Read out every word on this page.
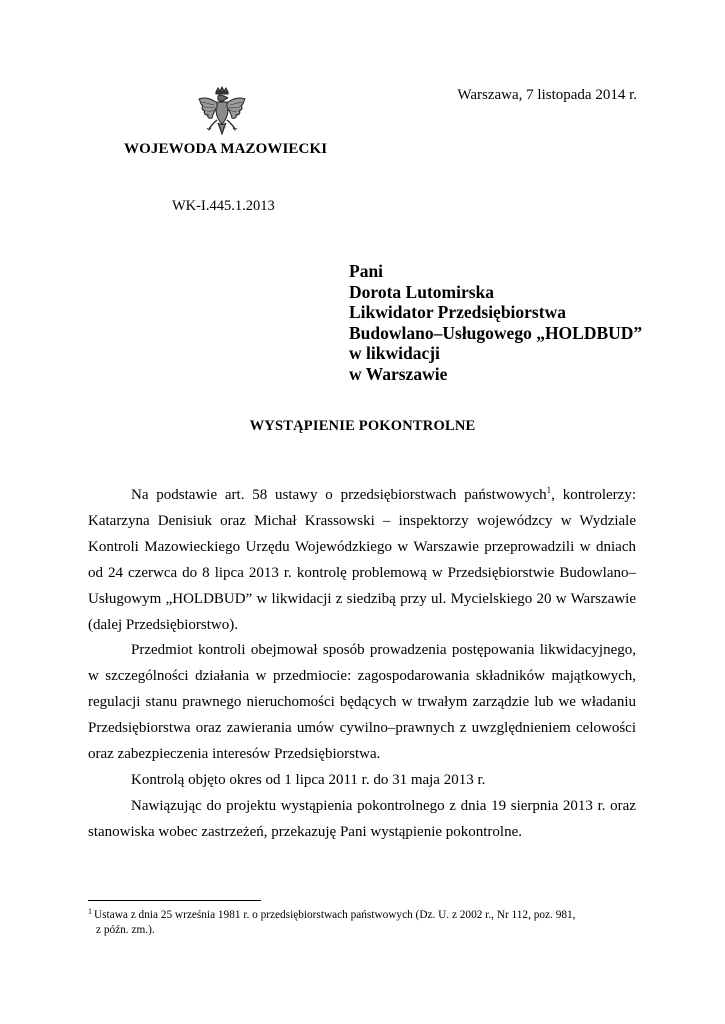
Warszawa, 7 listopada 2014 r.
WOJEWODA MAZOWIECKI
WK-I.445.1.2013
Pani
Dorota Lutomirska
Likwidator Przedsiębiorstwa
Budowlano–Usługowego „HOLDBUD”
w likwidacji
w Warszawie
WYSTĄPIENIE POKONTROLNE

Na podstawie art. 58 ustawy o przedsiębiorstwach państwowych$^1$, kontrolerzy: Katarzyna Denisiuk oraz Michał Krassowski – inspektorzy wojewódzcy w Wydziale Kontroli Mazowieckiego Urzędu Wojewódzkiego w Warszawie przeprowadzili w dniach od 24 czerwca do 8 lipca 2013 r. kontrolę problemową w Przedsiębiorstwie Budowlano–Usługowym „HOLDBUD” w likwidacji z siedzibą przy ul. Mycielskiego 20 w Warszawie (dalej Przedsiębiorstwo).

Przedmiot kontroli obejmował sposób prowadzenia postępowania likwidacyjnego, w szczególności działania w przedmiocie: zagospodarowania składników majątkowych, regulacji stanu prawnego nieruchomości będących w trwałym zarządzie lub we władaniu Przedsiębiorstwa oraz zawierania umów cywilno–prawnych z uwzględnieniem celowości oraz zabezpieczenia interesów Przedsiębiorstwa.

Kontrolą objęto okres od 1 lipca 2011 r. do 31 maja 2013 r.

Nawiązując do projektu wystąpienia pokontrolnego z dnia 19 sierpnia 2013 r. oraz stanowiska wobec zastrzeżeń, przekazuję Pani wystąpienie pokontrolne.

$^1$ Ustawa z dnia 25 września 1981 r. o przedsiębiorstwach państwowych (Dz. U. z 2002 r., Nr 112, poz. 981,
z późn. zm.).
